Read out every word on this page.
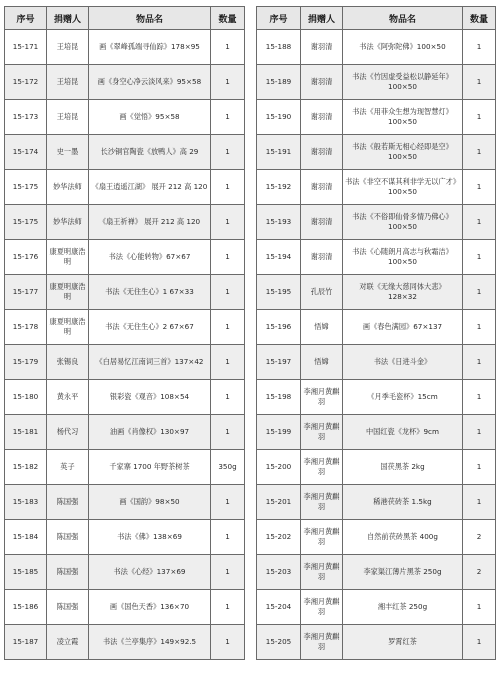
序号	捐赠人	物品名	数量
15-171	王培昆	画《翠峰孤端寻仙踪》178×95	1
15-172	王培昆	画《身空心净云淡风来》95×58	1
15-173	王培昆	画《觉悟》95×58	1
15-174	史一墨	长沙铜官陶瓷《放鸭人》高 29	1
15-175	妙华法师	《扇王逍遥江湖》 展开 212 高 120	1
15-175	妙华法师	《扇王祈禅》 展开 212 高 120	1
15-176	康夏明康浩明	书法《心能转物》67×67	1
15-177	康夏明康浩明	书法《无住生心》1 67×33	1
15-178	康夏明康浩明	书法《无住生心》2 67×67	1
15-179	张锡良	《白居易忆江南词三首》137×42	1
15-180	黄永平	银彩瓷《观音》108×54	1
15-181	杨代习	油画《肖像权》130×97	1
15-182	英子	千家寨 1700 年野茶树茶	350g
15-183	陈国强	画《国韵》98×50	1
15-184	陈国强	书法《佛》138×69	1
15-185	陈国强	书法《心经》137×69	1
15-186	陈国强	画《国色天香》136×70	1
15-187	凌立霞	书法《兰亭集序》149×92.5	1
序号	捐赠人	物品名	数量
15-188	谢羽清	书法《阿弥陀佛》100×50	1
15-189	谢羽清	书法《竹因虚受益松以静延年》100×50	1
15-190	谢羽清	书法《用菲众生想为现智慧灯》100×50	1
15-191	谢羽清	书法《般若斯无相心经即是空》100×50	1
15-192	谢羽清	书法《非空不谋其利非学无以广才》100×50	1
15-193	谢羽清	书法《不俗即仙骨多情乃佛心》100×50	1
15-194	谢羽清	书法《心随朗月高志与秋霜洁》100×50	1
15-195	孔辰竹	对联《无缘大慈同体大悲》128×32	1
15-196	悟嫦	画《春色满园》67×137	1
15-197	悟嫦	书法《日进斗金》	1
15-198	李湘月黄麒羽	《月季毛瓷杯》15cm	1
15-199	李湘月黄麒羽	中国红瓷《龙杯》9cm	1
15-200	李湘月黄麒羽	国茯黑茶 2kg	1
15-201	李湘月黄麒羽	稀港茯砖茶 1.5kg	1
15-202	李湘月黄麒羽	自然前茯砖黑茶 400g	2
15-203	李湘月黄麒羽	李家渠江薄片黑茶 250g	2
15-204	李湘月黄麒羽	湘丰红茶 250g	1
15-205	李湘月黄麒羽	罗霄红茶	1
